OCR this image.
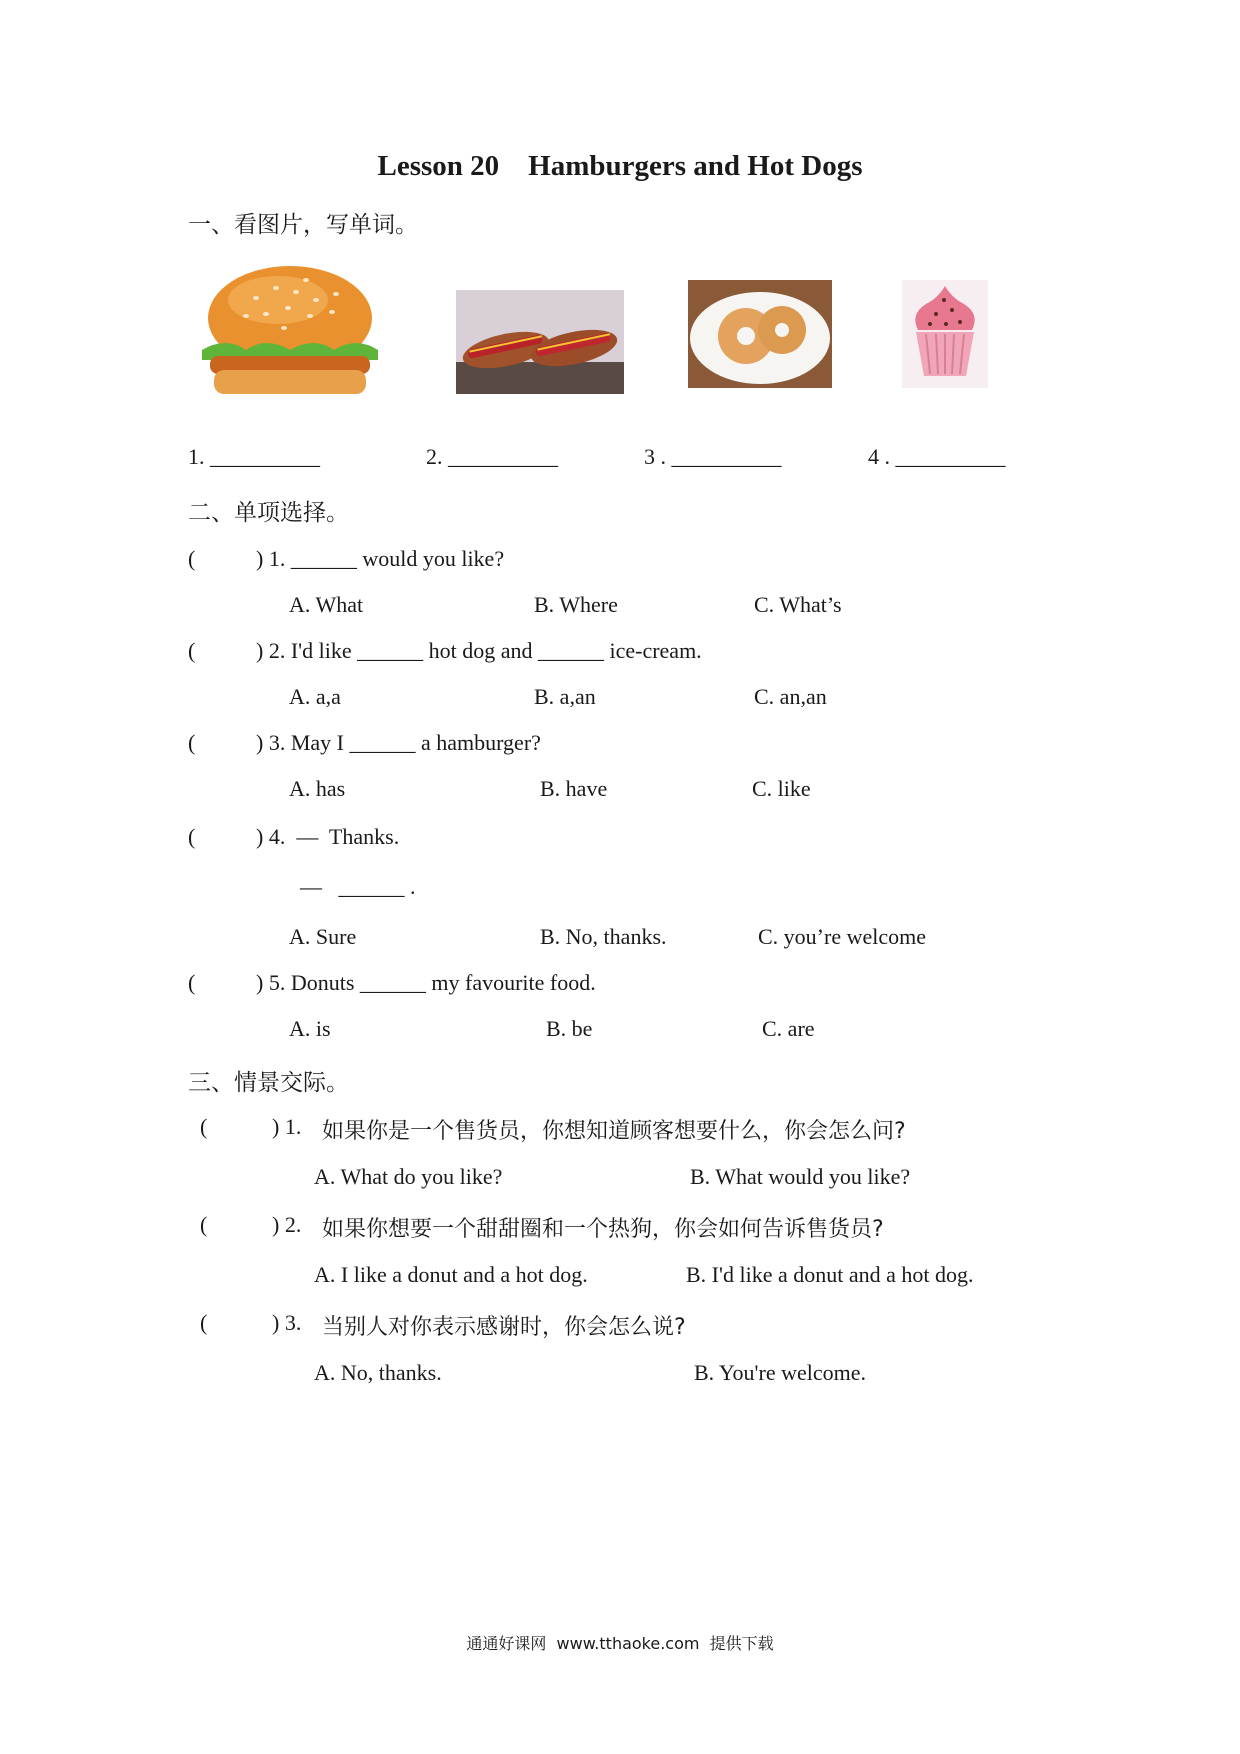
Lesson 20    Hamburgers and Hot Dogs
一、看图片，写单词。
1. __________	2. __________	3 . __________	4 . __________
二、单项选择。
(	) 1. ______ would you like?
A. What	B. Where	C. What’s
(	) 2. I'd like ______ hot dog and ______ ice-cream.
A. a,a	B. a,an	C. an,an
(	) 3. May I ______ a hamburger?
A. has	B. have	C. like
(	) 4.  —  Thanks.
—   ______ .
A. Sure	B. No, thanks.	C. you’re welcome
(	) 5. Donuts ______ my favourite food.
A. is	B. be	C. are
三、情景交际。
(	) 1. 如果你是一个售货员，你想知道顾客想要什么，你会怎么问?
A. What do you like?	B. What would you like?
(	) 2. 如果你想要一个甜甜圈和一个热狗，你会如何告诉售货员?
A. I like a donut and a hot dog.	B. I'd like a donut and a hot dog.
(	) 3. 当别人对你表示感谢时，你会怎么说?
A. No, thanks.	B. You're welcome.
通通好课网  www.tthaoke.com  提供下载
